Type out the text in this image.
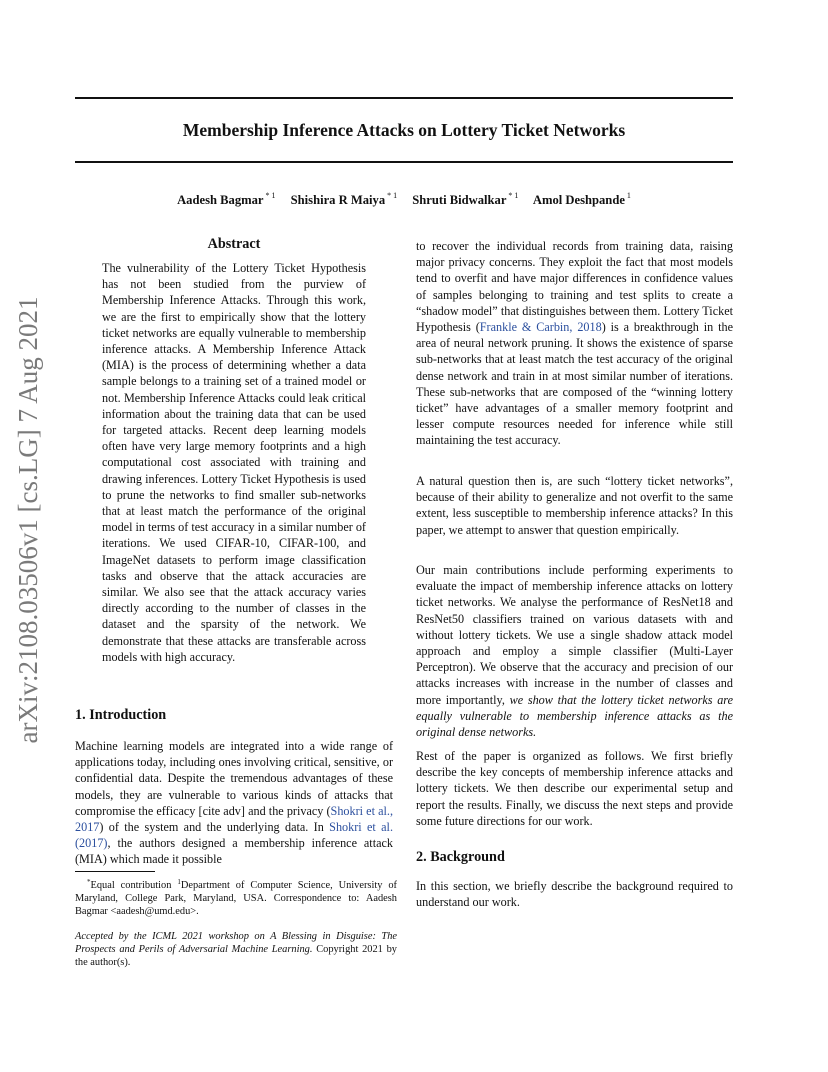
arXiv:2108.03506v1 [cs.LG] 7 Aug 2021
Membership Inference Attacks on Lottery Ticket Networks
Aadesh Bagmar $^{* 1}$ Shishira R Maiya $^{* 1}$ Shruti Bidwalkar $^{* 1}$ Amol Deshpande $^1$
Abstract
The vulnerability of the Lottery Ticket Hypothesis has not been studied from the purview of Membership Inference Attacks. Through this work, we are the first to empirically show that the lottery ticket networks are equally vulnerable to membership inference attacks. A Membership Inference Attack (MIA) is the process of determining whether a data sample belongs to a training set of a trained model or not. Membership Inference Attacks could leak critical information about the training data that can be used for targeted attacks. Recent deep learning models often have very large memory footprints and a high computational cost associated with training and drawing inferences. Lottery Ticket Hypothesis is used to prune the networks to find smaller sub-networks that at least match the performance of the original model in terms of test accuracy in a similar number of iterations. We used CIFAR-10, CIFAR-100, and ImageNet datasets to perform image classification tasks and observe that the attack accuracies are similar. We also see that the attack accuracy varies directly according to the number of classes in the dataset and the sparsity of the network. We demonstrate that these attacks are transferable across models with high accuracy.
1. Introduction
Machine learning models are integrated into a wide range of applications today, including ones involving critical, sensitive, or confidential data. Despite the tremendous advantages of these models, they are vulnerable to various kinds of attacks that compromise the efficacy [cite adv] and the privacy (Shokri et al., 2017) of the system and the underlying data. In Shokri et al. (2017), the authors designed a membership inference attack (MIA) which made it possible
*Equal contribution $^1$Department of Computer Science, University of Maryland, College Park, Maryland, USA. Correspondence to: Aadesh Bagmar <aadesh@umd.edu>.
Accepted by the ICML 2021 workshop on A Blessing in Disguise: The Prospects and Perils of Adversarial Machine Learning. Copyright 2021 by the author(s).
to recover the individual records from training data, raising major privacy concerns. They exploit the fact that most models tend to overfit and have major differences in confidence values of samples belonging to training and test splits to create a “shadow model” that distinguishes between them. Lottery Ticket Hypothesis (Frankle & Carbin, 2018) is a breakthrough in the area of neural network pruning. It shows the existence of sparse sub-networks that at least match the test accuracy of the original dense network and train in at most similar number of iterations. These sub-networks that are composed of the “winning lottery ticket” have advantages of a smaller memory footprint and lesser compute resources needed for inference while still maintaining the test accuracy.
A natural question then is, are such “lottery ticket networks”, because of their ability to generalize and not overfit to the same extent, less susceptible to membership inference attacks? In this paper, we attempt to answer that question empirically.
Our main contributions include performing experiments to evaluate the impact of membership inference attacks on lottery ticket networks. We analyse the performance of ResNet18 and ResNet50 classifiers trained on various datasets with and without lottery tickets. We use a single shadow attack model approach and employ a simple classifier (Multi-Layer Perceptron). We observe that the accuracy and precision of our attacks increases with increase in the number of classes and more importantly, we show that the lottery ticket networks are equally vulnerable to membership inference attacks as the original dense networks.
Rest of the paper is organized as follows. We first briefly describe the key concepts of membership inference attacks and lottery tickets. We then describe our experimental setup and report the results. Finally, we discuss the next steps and provide some future directions for our work.
2. Background
In this section, we briefly describe the background required to understand our work.
